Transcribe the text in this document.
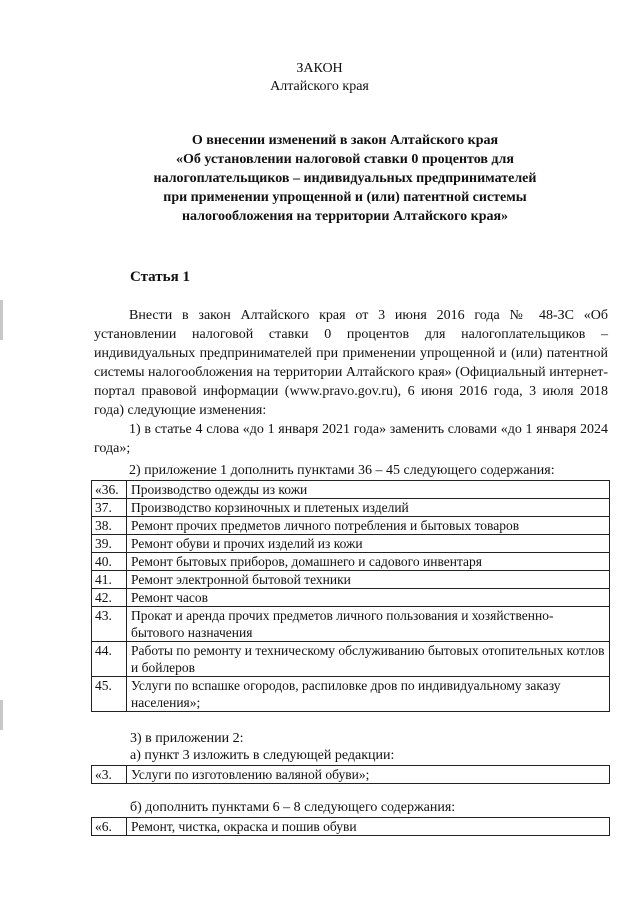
ЗАКОН
Алтайского края
О внесении изменений в закон Алтайского края
«Об установлении налоговой ставки 0 процентов для
налогоплательщиков – индивидуальных предпринимателей
при применении упрощенной и (или) патентной системы
налогообложения на территории Алтайского края»
Статья 1
Внести в закон Алтайского края от 3 июня 2016 года № 48-ЗС «Об установлении налоговой ставки 0 процентов для налогоплательщиков – индивидуальных предпринимателей при применении упрощенной и (или) патентной системы налогообложения на территории Алтайского края» (Официальный интернет-портал правовой информации (www.pravo.gov.ru), 6 июня 2016 года, 3 июля 2018 года) следующие изменения:
1) в статье 4 слова «до 1 января 2021 года» заменить словами «до 1 января 2024 года»;
2) приложение 1 дополнить пунктами 36 – 45 следующего содержания:
«36.	Производство одежды из кожи
37.	Производство корзиночных и плетеных изделий
38.	Ремонт прочих предметов личного потребления и бытовых товаров
39.	Ремонт обуви и прочих изделий из кожи
40.	Ремонт бытовых приборов, домашнего и садового инвентаря
41.	Ремонт электронной бытовой техники
42.	Ремонт часов
43.	Прокат и аренда прочих предметов личного пользования и хозяйственно-бытового назначения
44.	Работы по ремонту и техническому обслуживанию бытовых отопительных котлов и бойлеров
45.	Услуги по вспашке огородов, распиловке дров по индивидуальному заказу населения»;
3) в приложении 2:
а) пункт 3 изложить в следующей редакции:
«3.	Услуги по изготовлению валяной обуви»;
б) дополнить пунктами 6 – 8 следующего содержания:
«6.	Ремонт, чистка, окраска и пошив обуви
